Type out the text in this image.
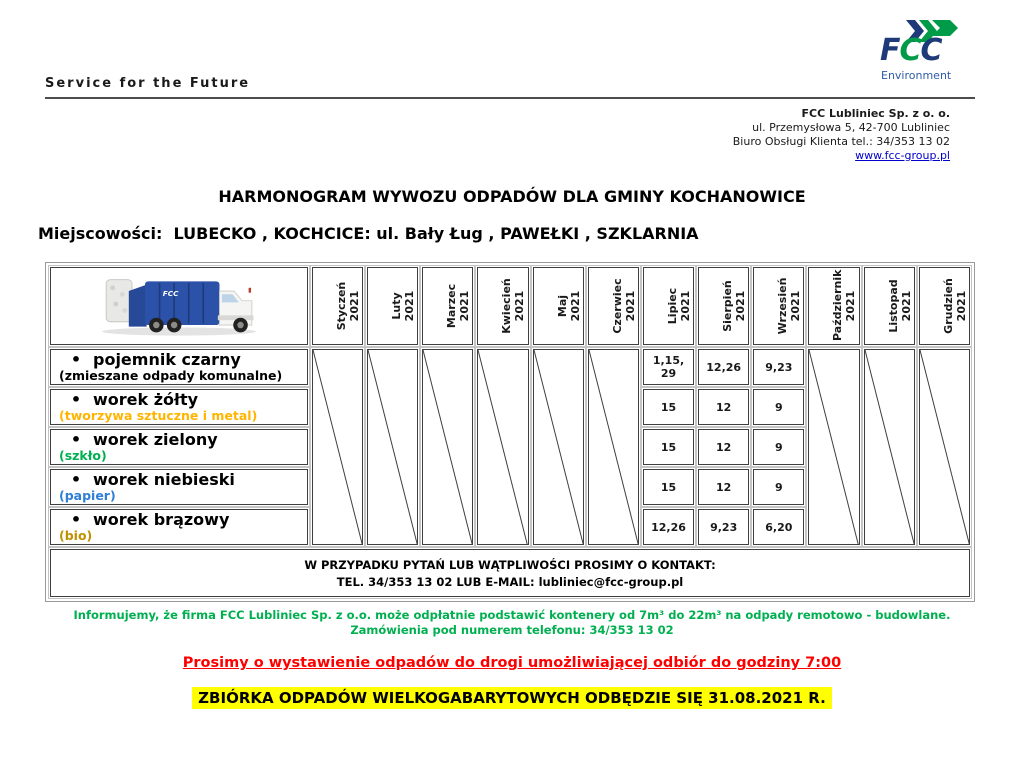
Service for the Future
FCC
Environment
FCC Lubliniec Sp. z o. o.
ul. Przemysłowa 5, 42-700 Lubliniec
Biuro Obsługi Klienta tel.: 34/353 13 02
www.fcc-group.pl
HARMONOGRAM WYWOZU ODPADÓW DLA GMINY KOCHANOWICE
Miejscowości:  LUBECKO , KOCHCICE: ul. Bały Ług , PAWEŁKI , SZKLARNIA
FCC	Styczeń 2021	Luty 2021	Marzec 2021	Kwiecień 2021	Maj 2021	Czerwiec 2021	Lipiec 2021	Sierpień 2021	Wrzesień 2021	Październik 2021	Listopad 2021	Grudzień 2021

• pojemnik czarny
(zmieszane odpady komunalne)							1,15, 29	12,26	9,23	

• worek żółty
(tworzywa sztuczne i metal)							15	12	9			

• worek zielony
(szkło)							15	12	9			

• worek niebieski
(papier)							15	12	9			

• worek brązowy
(bio)							12,26	9,23	6,20			

W PRZYPADKU PYTAŃ LUB WĄTPLIWOŚCI PROSIMY O KONTAKT:
TEL. 34/353 13 02 LUB E-MAIL: lubliniec@fcc-group.pl												
Informujemy, że firma FCC Lubliniec Sp. z o.o. może odpłatnie podstawić kontenery od 7m³ do 22m³ na odpady remotowo - budowlane.
Zamówienia pod numerem telefonu: 34/353 13 02
Prosimy o wystawienie odpadów do drogi umożliwiającej odbiór do godziny 7:00
ZBIÓRKA ODPADÓW WIELKOGABARYTOWYCH ODBĘDZIE SIĘ 31.08.2021 R.
